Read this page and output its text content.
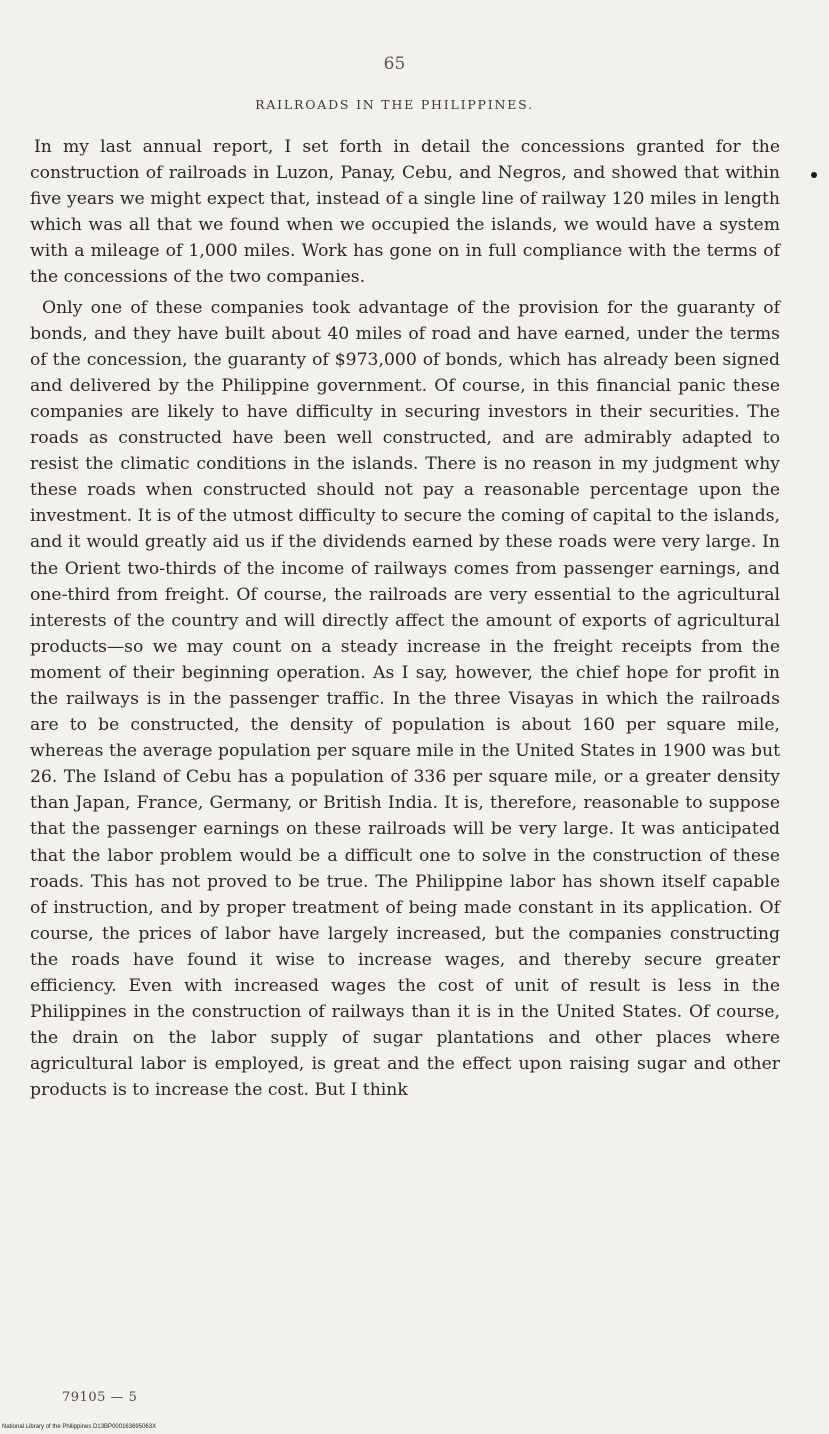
65
RAILROADS IN THE PHILIPPINES.

In my last annual report, I set forth in detail the concessions granted for the construction of railroads in Luzon, Panay, Cebu, and Negros, and showed that within five years we might expect that, instead of a single line of railway 120 miles in length which was all that we found when we occupied the islands, we would have a system with a mileage of 1,000 miles. Work has gone on in full compliance with the terms of the concessions of the two companies.

Only one of these companies took advantage of the provision for the guaranty of bonds, and they have built about 40 miles of road and have earned, under the terms of the concession, the guaranty of $973,000 of bonds, which has already been signed and delivered by the Philippine government. Of course, in this financial panic these companies are likely to have difficulty in securing investors in their securities. The roads as constructed have been well constructed, and are admirably adapted to resist the climatic conditions in the islands. There is no reason in my judgment why these roads when constructed should not pay a reasonable percentage upon the investment. It is of the utmost difficulty to secure the coming of capital to the islands, and it would greatly aid us if the dividends earned by these roads were very large. In the Orient two-thirds of the income of railways comes from passenger earnings, and one-third from freight. Of course, the railroads are very essential to the agricultural interests of the country and will directly affect the amount of exports of agricultural products—so we may count on a steady increase in the freight receipts from the moment of their beginning operation. As I say, however, the chief hope for profit in the railways is in the passenger traffic. In the three Visayas in which the railroads are to be constructed, the density of population is about 160 per square mile, whereas the average population per square mile in the United States in 1900 was but 26. The Island of Cebu has a population of 336 per square mile, or a greater density than Japan, France, Germany, or British India. It is, therefore, reasonable to suppose that the passenger earnings on these railroads will be very large. It was anticipated that the labor problem would be a difficult one to solve in the construction of these roads. This has not proved to be true. The Philippine labor has shown itself capable of instruction, and by proper treatment of being made constant in its application. Of course, the prices of labor have largely increased, but the companies constructing the roads have found it wise to increase wages, and thereby secure greater efficiency. Even with increased wages the cost of unit of result is less in the Philippines in the construction of railways than it is in the United States. Of course, the drain on the labor supply of sugar plantations and other places where agricultural labor is employed, is great and the effect upon raising sugar and other products is to increase the cost. But I think

79105 — 5
National Library of the Philippines D13BP000163695063X
